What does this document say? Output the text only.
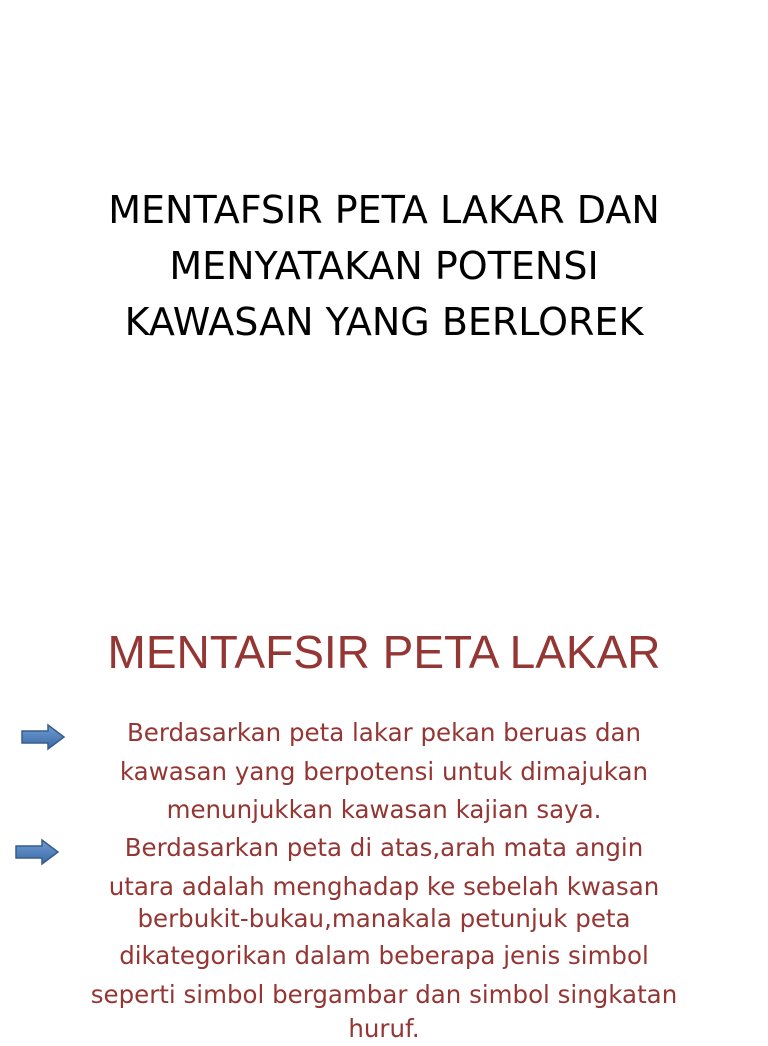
MENTAFSIR PETA LAKAR DAN
MENYATAKAN POTENSI
KAWASAN YANG BERLOREK
MENTAFSIR PETA LAKAR
Berdasarkan peta lakar pekan beruas dan
kawasan yang berpotensi untuk dimajukan
menunjukkan kawasan kajian saya.
Berdasarkan peta di atas,arah mata angin
utara adalah menghadap ke sebelah kwasan
berbukit-bukau,manakala petunjuk peta
dikategorikan dalam beberapa jenis simbol
seperti simbol bergambar dan simbol singkatan
huruf.
